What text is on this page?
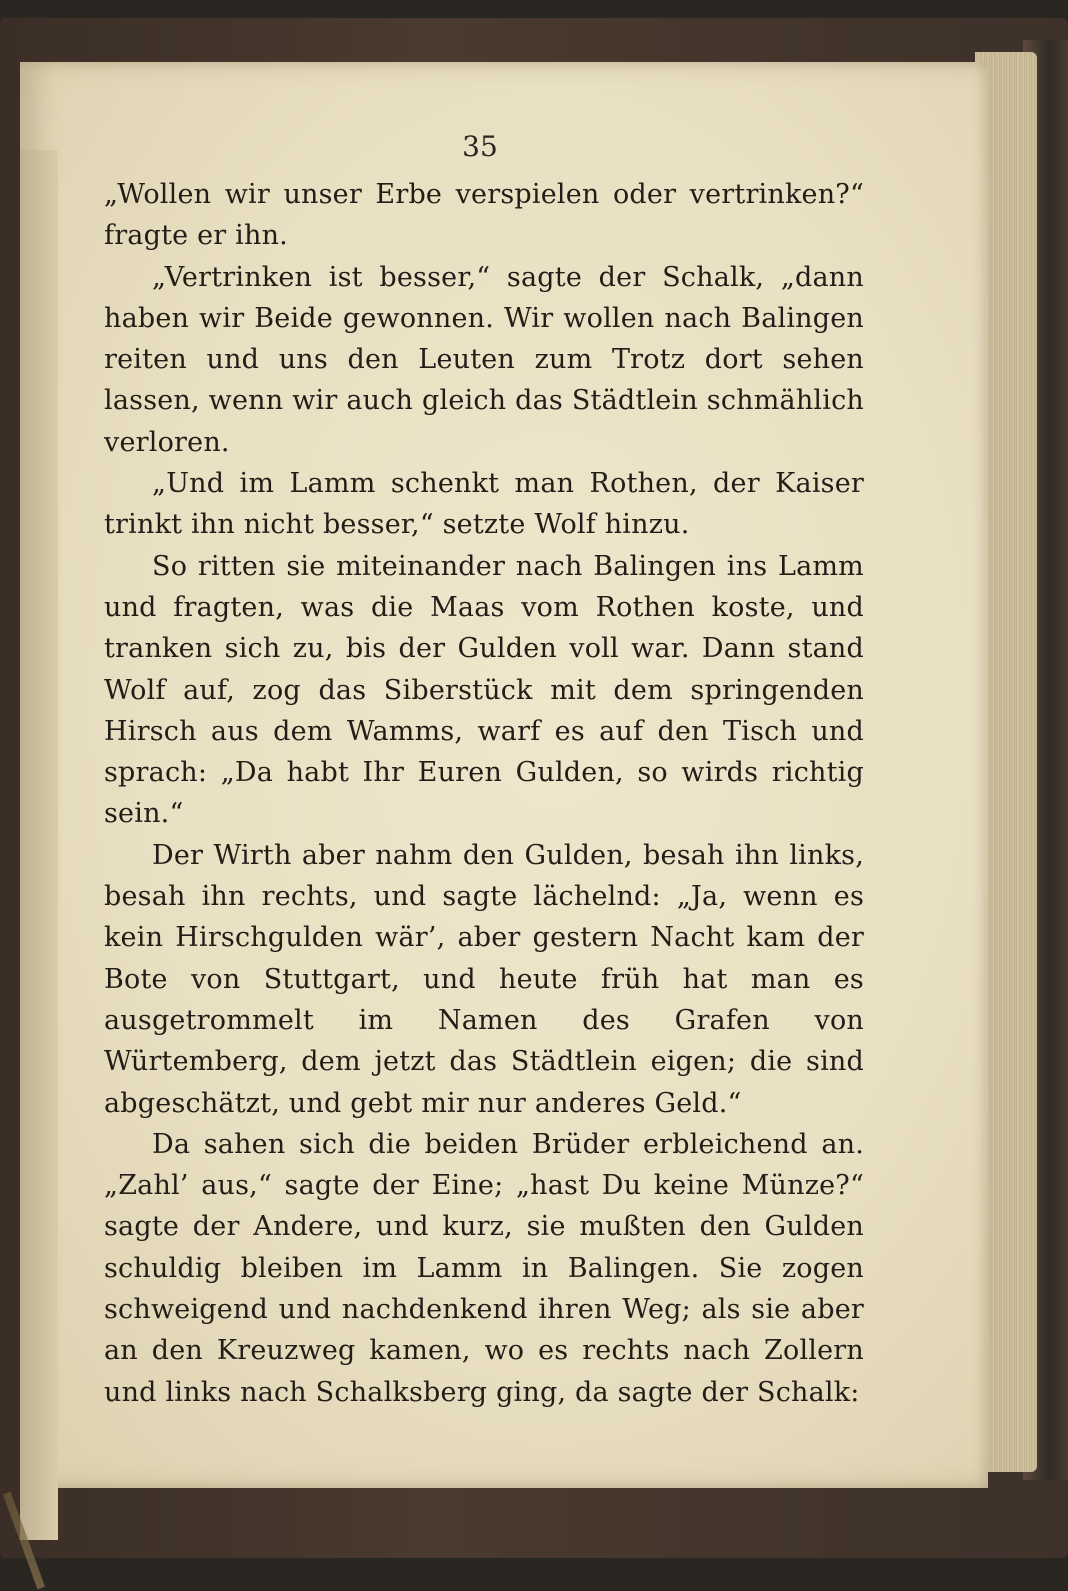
35

„Wollen wir unser Erbe verspielen oder vertrinken?“ fragte er ihn.

„Vertrinken ist besser,“ sagte der Schalk, „dann haben wir Beide gewonnen. Wir wollen nach Balingen reiten und uns den Leuten zum Trotz dort sehen lassen, wenn wir auch gleich das Städtlein schmählich verloren.

„Und im Lamm schenkt man Rothen, der Kaiser trinkt ihn nicht besser,“ setzte Wolf hinzu.

So ritten sie miteinander nach Balingen ins Lamm und fragten, was die Maas vom Rothen koste, und tranken sich zu, bis der Gulden voll war. Dann stand Wolf auf, zog das Siberstück mit dem springenden Hirsch aus dem Wamms, warf es auf den Tisch und sprach: „Da habt Ihr Euren Gulden, so wirds richtig sein.“

Der Wirth aber nahm den Gulden, besah ihn links, besah ihn rechts, und sagte lächelnd: „Ja, wenn es kein Hirschgulden wär’, aber gestern Nacht kam der Bote von Stuttgart, und heute früh hat man es ausgetrommelt im Namen des Grafen von Würtemberg, dem jetzt das Städtlein eigen; die sind abgeschätzt, und gebt mir nur anderes Geld.“

Da sahen sich die beiden Brüder erbleichend an. „Zahl’ aus,“ sagte der Eine; „hast Du keine Münze?“ sagte der Andere, und kurz, sie mußten den Gulden schuldig bleiben im Lamm in Balingen. Sie zogen schweigend und nachdenkend ihren Weg; als sie aber an den Kreuzweg kamen, wo es rechts nach Zollern und links nach Schalksberg ging, da sagte der Schalk:
